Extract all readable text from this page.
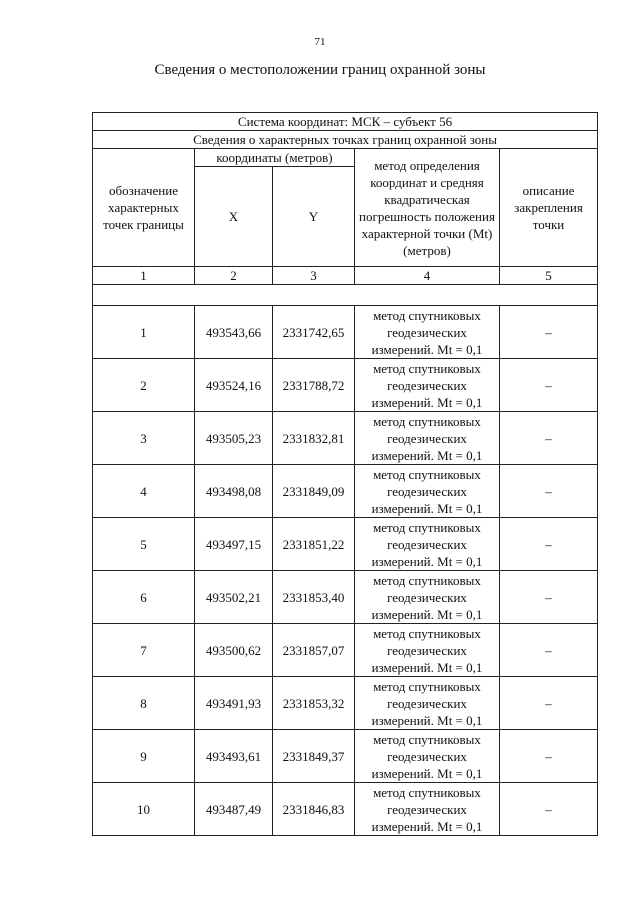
71
Сведения о местоположении границ охранной зоны
Система координат: МСК – субъект 56				
Сведения о характерных точках границ охранной зоны				
обозначение характерных точек границы	координаты (метров)		метод определения координат и средняя квадратическая погрешность положения характерной точки (Mt) (метров)	описание закрепления точки
	X	Y		
1	2	3	4	5

1	493543,66	2331742,65	метод спутниковых геодезических измерений. Mt = 0,1	–
2	493524,16	2331788,72	метод спутниковых геодезических измерений. Mt = 0,1	–
3	493505,23	2331832,81	метод спутниковых геодезических измерений. Mt = 0,1	–
4	493498,08	2331849,09	метод спутниковых геодезических измерений. Mt = 0,1	–
5	493497,15	2331851,22	метод спутниковых геодезических измерений. Mt = 0,1	–
6	493502,21	2331853,40	метод спутниковых геодезических измерений. Mt = 0,1	–
7	493500,62	2331857,07	метод спутниковых геодезических измерений. Mt = 0,1	–
8	493491,93	2331853,32	метод спутниковых геодезических измерений. Mt = 0,1	–
9	493493,61	2331849,37	метод спутниковых геодезических измерений. Mt = 0,1	–
10	493487,49	2331846,83	метод спутниковых геодезических измерений. Mt = 0,1	–
